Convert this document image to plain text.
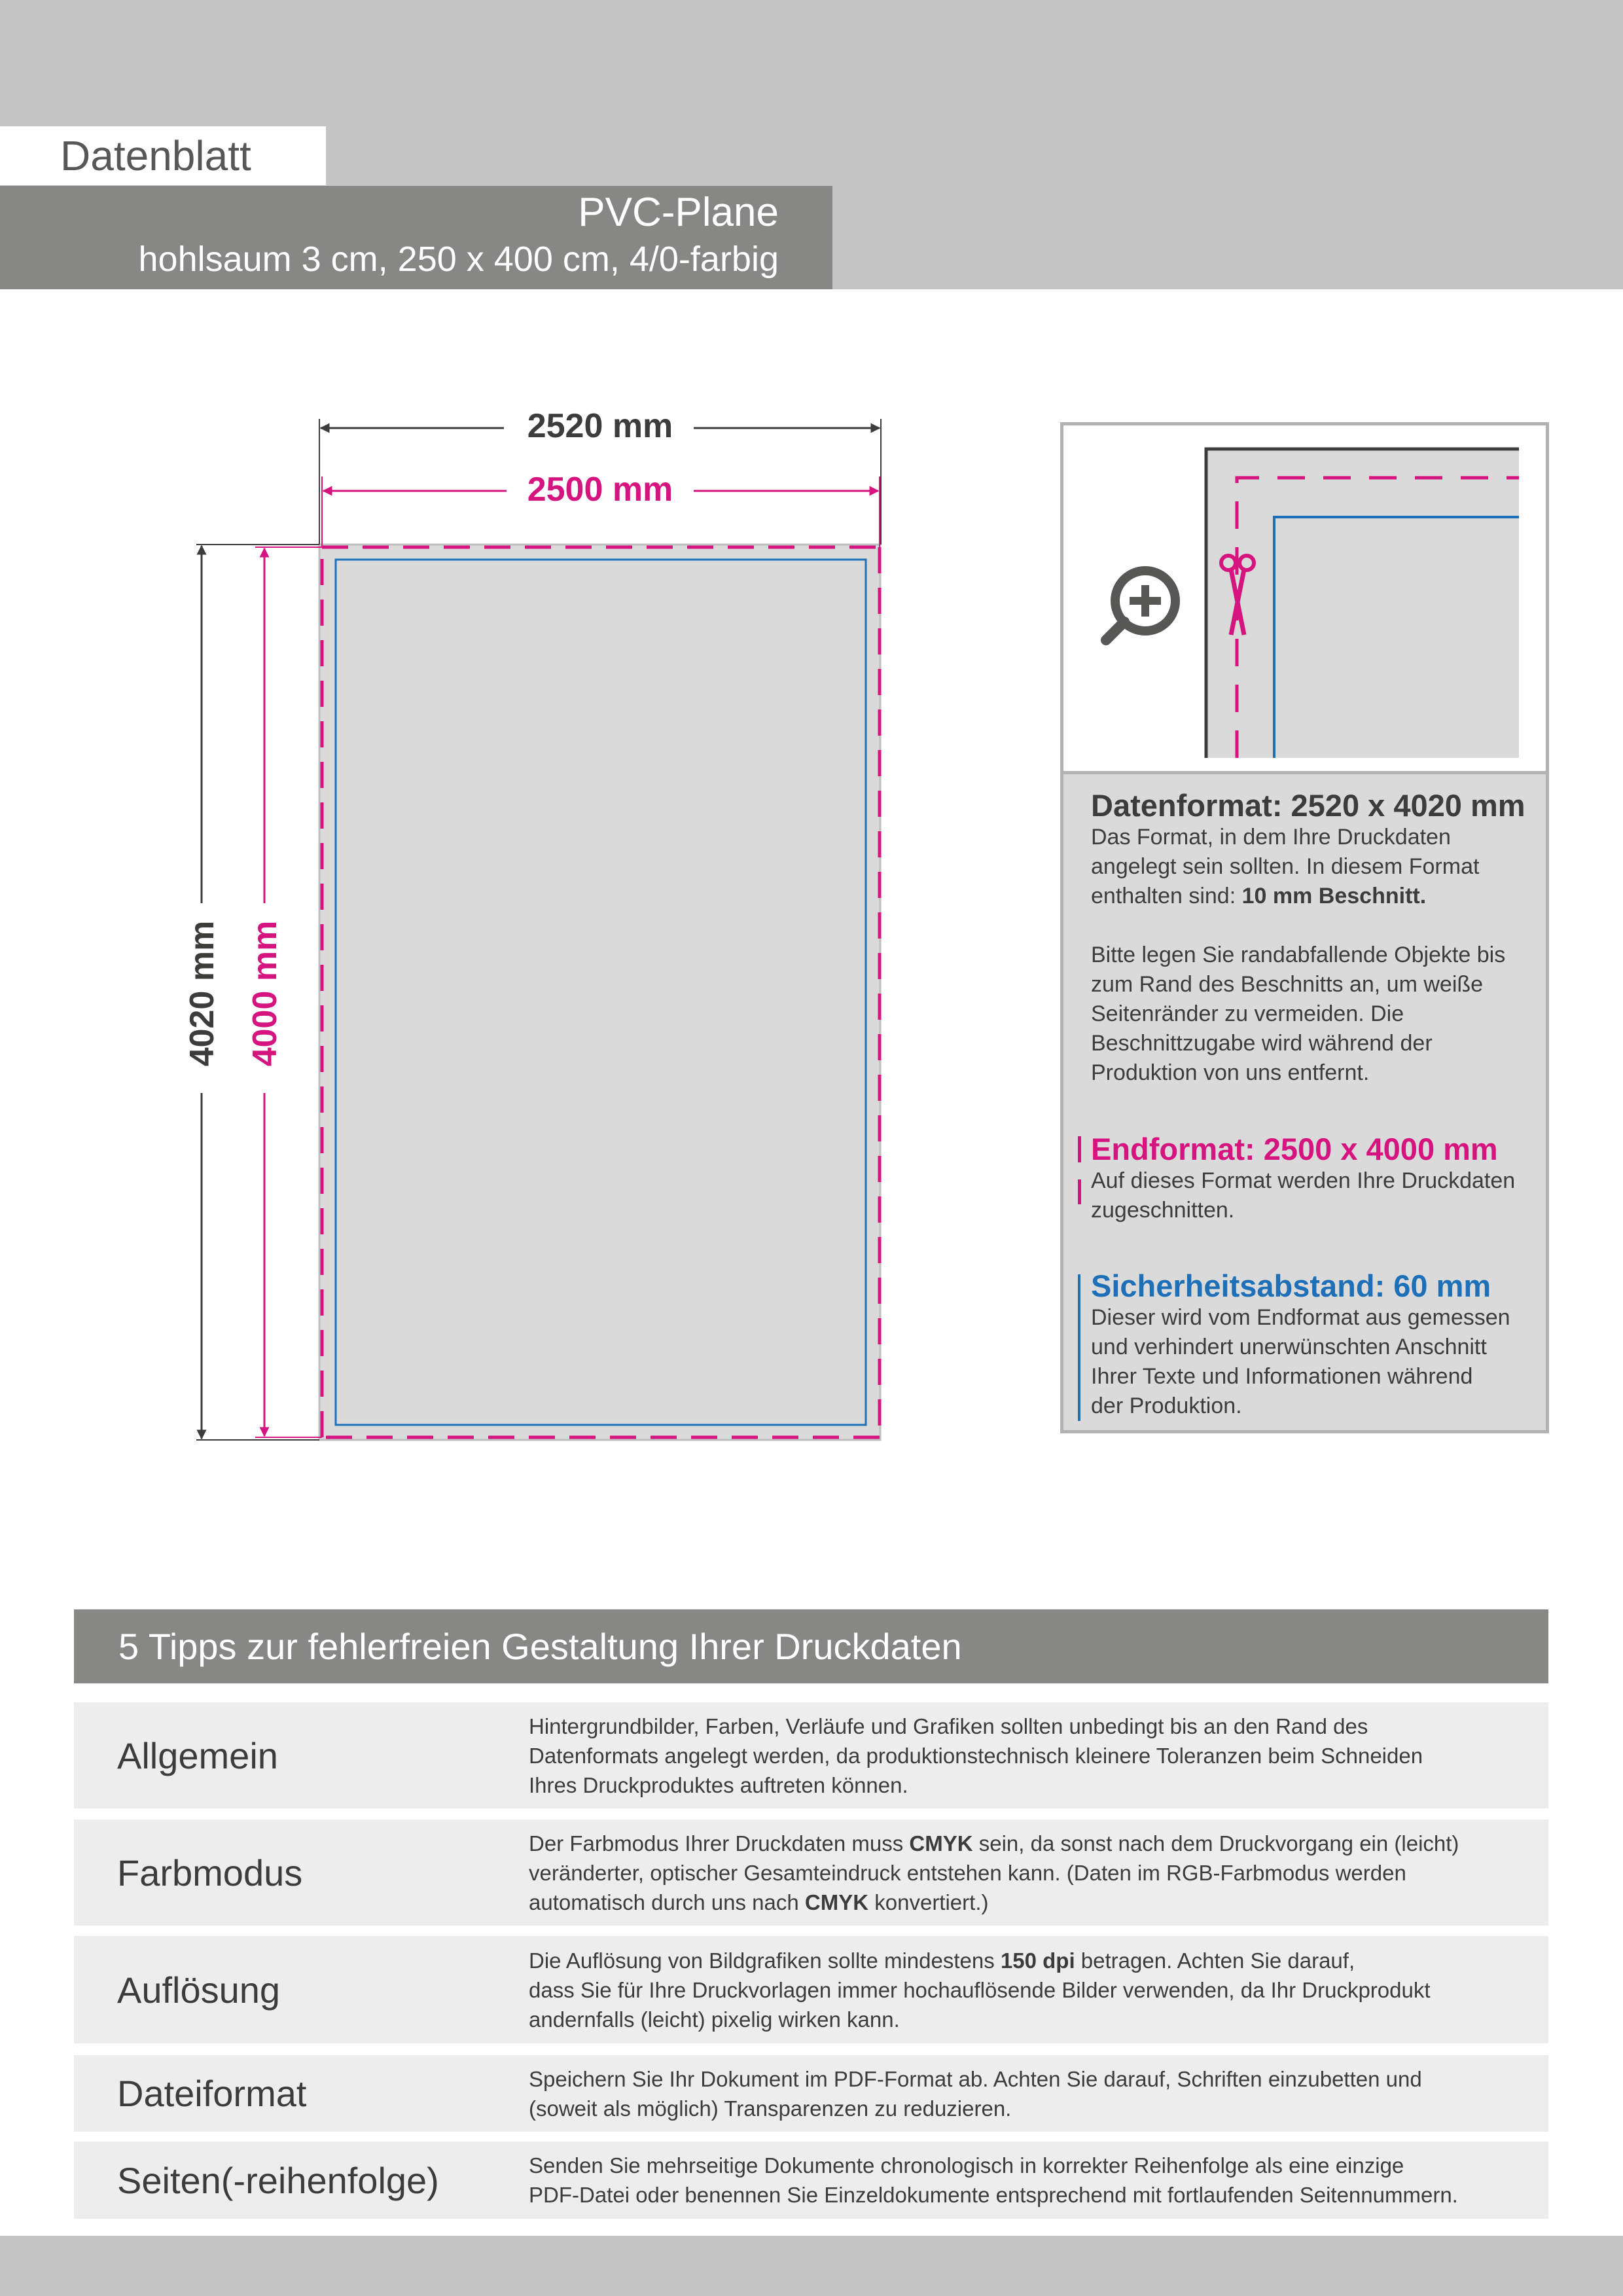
Datenblatt
PVC-Plane
hohlsaum 3 cm, 250 x 400 cm, 4/0-farbig
2520 mm
2500 mm
4020 mm 4000 mm
Datenformat: 2520 x 4020 mm

Das Format, in dem Ihre Druckdaten
angelegt sein sollten. In diesem Format
enthalten sind: 10 mm Beschnitt.

Bitte legen Sie randabfallende Objekte bis
zum Rand des Beschnitts an, um weiße
Seitenränder zu vermeiden. Die
Beschnittzugabe wird während der
Produktion von uns entfernt.

Endformat: 2500 x 4000 mm

Auf dieses Format werden Ihre Druckdaten
zugeschnitten.

Sicherheitsabstand: 60 mm

Dieser wird vom Endformat aus gemessen
und verhindert unerwünschten Anschnitt
Ihrer Texte und Informationen während
der Produktion.

5 Tipps zur fehlerfreien Gestaltung Ihrer Druckdaten
Allgemein
Hintergrundbilder, Farben, Verläufe und Grafiken sollten unbedingt bis an den Rand des
Datenformats angelegt werden, da produktionstechnisch kleinere Toleranzen beim Schneiden
Ihres Druckproduktes auftreten können.
Farbmodus
Der Farbmodus Ihrer Druckdaten muss CMYK sein, da sonst nach dem Druckvorgang ein (leicht)
veränderter, optischer Gesamteindruck entstehen kann. (Daten im RGB-Farbmodus werden
automatisch durch uns nach CMYK konvertiert.)
Auflösung
Die Auflösung von Bildgrafiken sollte mindestens 150 dpi betragen. Achten Sie darauf,
dass Sie für Ihre Druckvorlagen immer hochauflösende Bilder verwenden, da Ihr Druckprodukt
andernfalls (leicht) pixelig wirken kann.
Dateiformat	Speichern Sie Ihr Dokument im PDF-Format ab. Achten Sie darauf, Schriften einzubetten und
(soweit als möglich) Transparenzen zu reduzieren.
Seiten(-reihenfolge)	Senden Sie mehrseitige Dokumente chronologisch in korrekter Reihenfolge als eine einzige
PDF-Datei oder benennen Sie Einzeldokumente entsprechend mit fortlaufenden Seitennummern.
